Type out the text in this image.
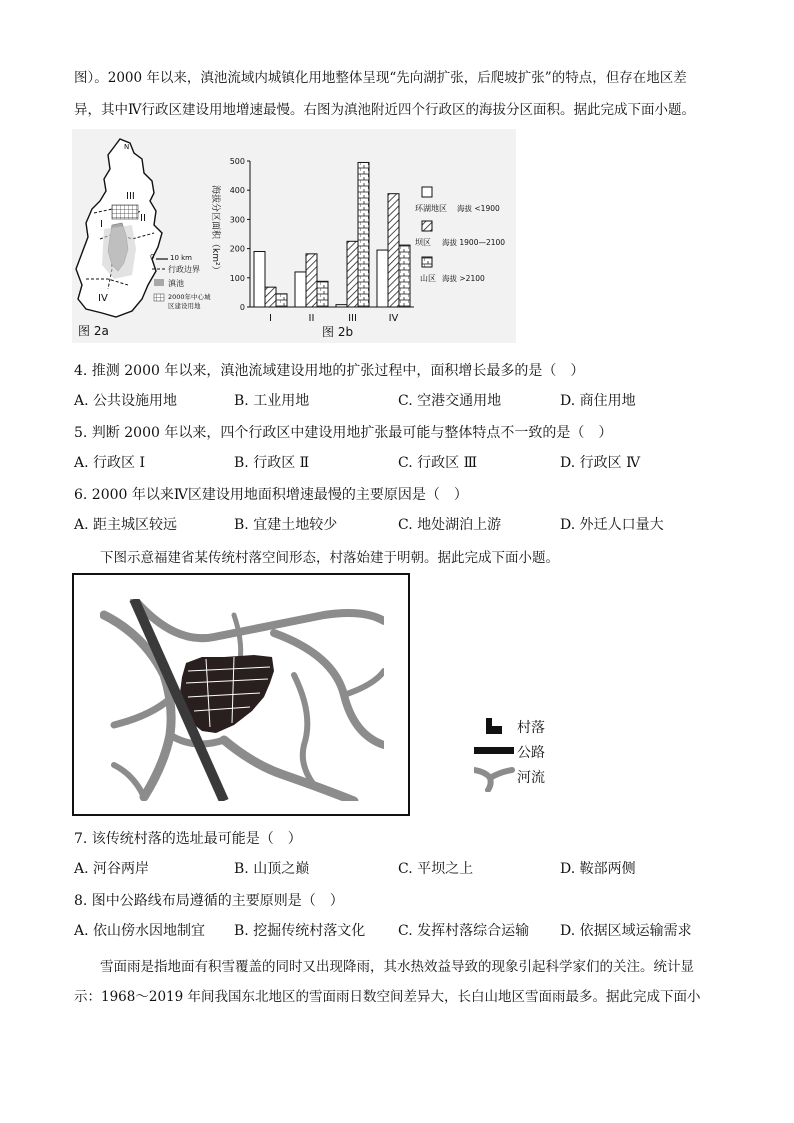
图）。2000 年以来，滇池流域内城镇化用地整体呈现“先向湖扩张，后爬坡扩张”的特点，但存在地区差
异，其中Ⅳ行政区建设用地增速最慢。右图为滇池附近四个行政区的海拔分区面积。据此完成下面小题。
III
II
I
IV
N
0 10 km
行政边界
滇池
2000年中心城
区建设用地
图 2a
0
100
200
300
400
500
I	II	III	IV
海拔分区面积（km²）
图 2b
环湖地区 海拔 <1900
坝区 海拔 1900—2100
山区 海拔 >2100
4. 推测 2000 年以来，滇池流域建设用地的扩张过程中，面积增长最多的是（　）
A. 公共设施用地	B. 工业用地	C. 空港交通用地	D. 商住用地
5. 判断 2000 年以来，四个行政区中建设用地扩张最可能与整体特点不一致的是（　）
A. 行政区 Ⅰ	B. 行政区 Ⅱ	C. 行政区 Ⅲ	D. 行政区 Ⅳ
6. 2000 年以来Ⅳ区建设用地面积增速最慢的主要原因是（　）
A. 距主城区较远	B. 宜建土地较少	C. 地处湖泊上游	D. 外迁人口量大
下图示意福建省某传统村落空间形态，村落始建于明朝。据此完成下面小题。
村落
公路
河流
7. 该传统村落的选址最可能是（　）
A. 河谷两岸	B. 山顶之巅	C. 平坝之上	D. 鞍部两侧
8. 图中公路线布局遵循的主要原则是（　）
A. 依山傍水因地制宜 B. 挖掘传统村落文化 C. 发挥村落综合运输 D. 依据区域运输需求
雪面雨是指地面有积雪覆盖的同时又出现降雨，其水热效益导致的现象引起科学家们的关注。统计显
示：1968～2019 年间我国东北地区的雪面雨日数空间差异大，长白山地区雪面雨最多。据此完成下面小
